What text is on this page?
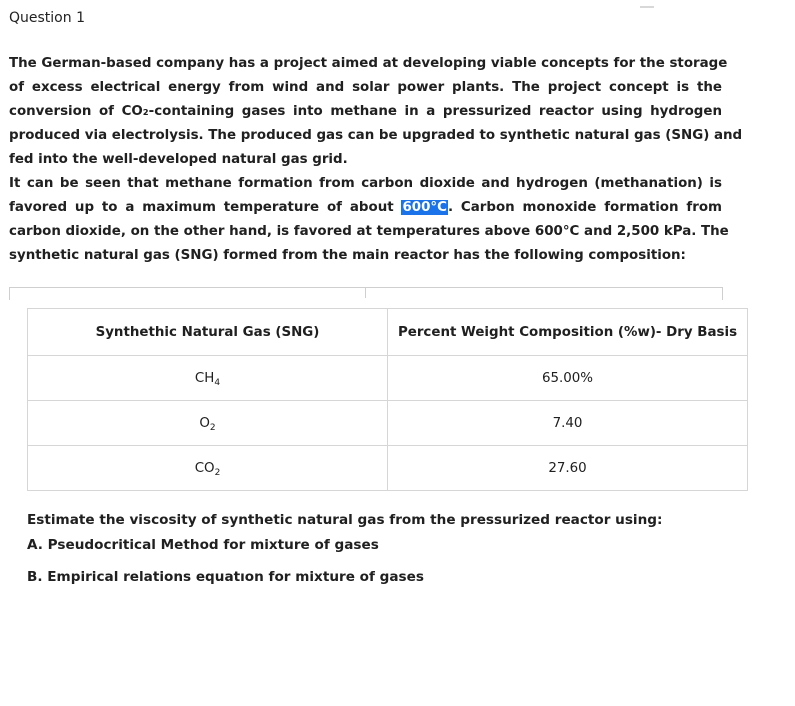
Question 1
The German-based company has a project aimed at developing viable concepts for the storage
of excess electrical energy from wind and solar power plants. The project concept is the
conversion of CO₂-containing gases into methane in a pressurized reactor using hydrogen
produced via electrolysis. The produced gas can be upgraded to synthetic natural gas (SNG) and
fed into the well-developed natural gas grid.
It can be seen that methane formation from carbon dioxide and hydrogen (methanation) is
favored up to a maximum temperature of about 600°C. Carbon monoxide formation from
carbon dioxide, on the other hand, is favored at temperatures above 600°C and 2,500 kPa. The
synthetic natural gas (SNG) formed from the main reactor has the following composition:
Synthethic Natural Gas (SNG)	Percent Weight Composition (%w)- Dry Basis
$CH_4$	65.00%
$O_2$	7.40
$CO_2$	27.60
Estimate the viscosity of synthetic natural gas from the pressurized reactor using:
A. Pseudocritical Method for mixture of gases
B. Empirical relations equatıon for mixture of gases
